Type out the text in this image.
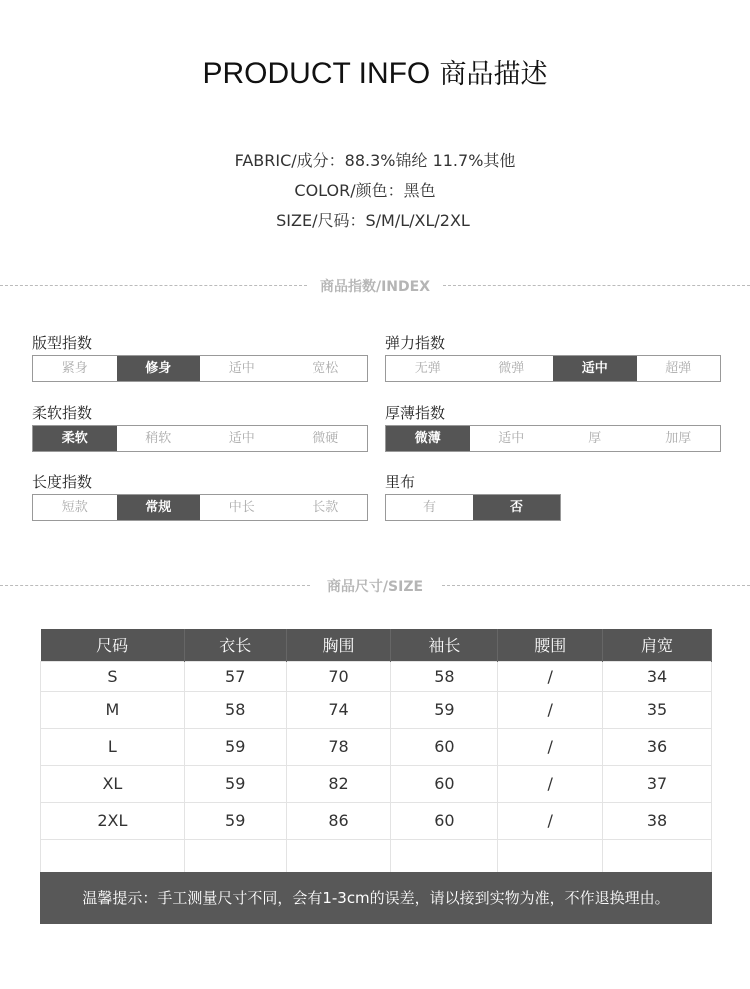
PRODUCT INFO 商品描述
FABRIC/成分：88.3%锦纶 11.7%其他
COLOR/颜色：黑色
SIZE/尺码：S/M/L/XL/2XL
商品指数/INDEX
版型指数
紧身	修身	适中	宽松
弹力指数
无弹	微弹	适中	超弹
柔软指数
柔软	稍软	适中	微硬
厚薄指数
微薄	适中	厚	加厚
长度指数
短款	常规	中长	长款
里布
有	否
商品尺寸/SIZE
尺码	衣长	胸围	袖长	腰围	肩宽
S	57	70	58	/	34
M	58	74	59	/	35
L	59	78	60	/	36
XL	59	82	60	/	37
2XL	59	86	60	/	38

温馨提示：手工测量尺寸不同，会有1-3cm的误差，请以接到实物为准，不作退换理由。
